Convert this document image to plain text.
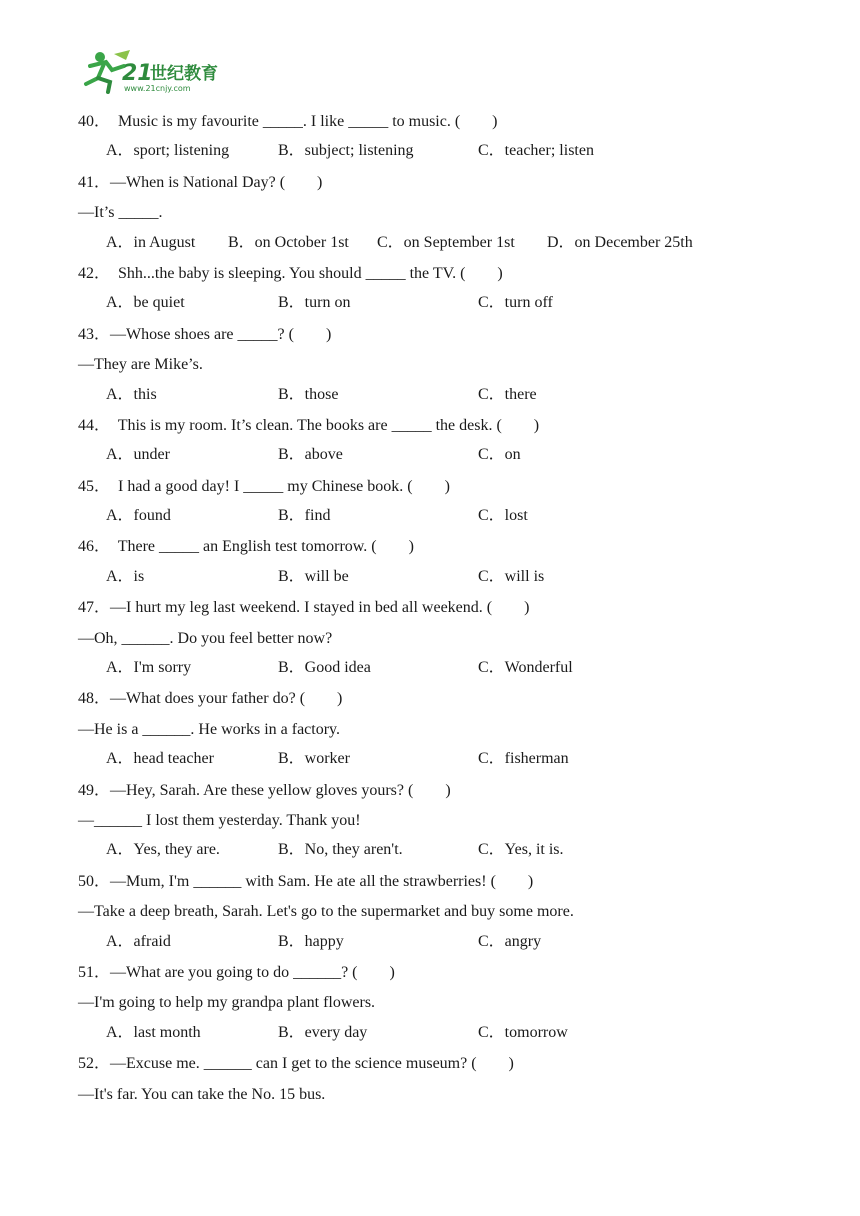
21
世纪教育
www.21cnjy.com
40．  Music is my favourite _____. I like _____ to music. (        )
A．sport; listening	B．subject; listening	C．teacher; listen
41．—When is National Day? (        )
—It’s _____.
A．in August B．on October 1st C．on September 1st D．on December 25th
42．  Shh...the baby is sleeping. You should _____ the TV. (        )
A．be quiet	B．turn on	C．turn off
43．—Whose shoes are _____? (        )
—They are Mike’s.
A．this	B．those	C．there
44．  This is my room. It’s clean. The books are _____ the desk. (        )
A．under	B．above	C．on
45．  I had a good day! I _____ my Chinese book. (        )
A．found	B．find	C．lost
46．  There _____ an English test tomorrow. (        )
A．is	B．will be	C．will is
47．—I hurt my leg last weekend. I stayed in bed all weekend. (        )
—Oh, ______. Do you feel better now?
A．I'm sorry	B．Good idea	C．Wonderful
48．—What does your father do? (        )
—He is a ______. He works in a factory.
A．head teacher	B．worker	C．fisherman
49．—Hey, Sarah. Are these yellow gloves yours? (        )
—______ I lost them yesterday. Thank you!
A．Yes, they are.	B．No, they aren't.	C．Yes, it is.
50．—Mum, I'm ______ with Sam. He ate all the strawberries! (        )
—Take a deep breath, Sarah. Let's go to the supermarket and buy some more.
A．afraid	B．happy	C．angry
51．—What are you going to do ______? (        )
—I'm going to help my grandpa plant flowers.
A．last month	B．every day	C．tomorrow
52．—Excuse me. ______ can I get to the science museum? (        )
—It's far. You can take the No. 15 bus.
